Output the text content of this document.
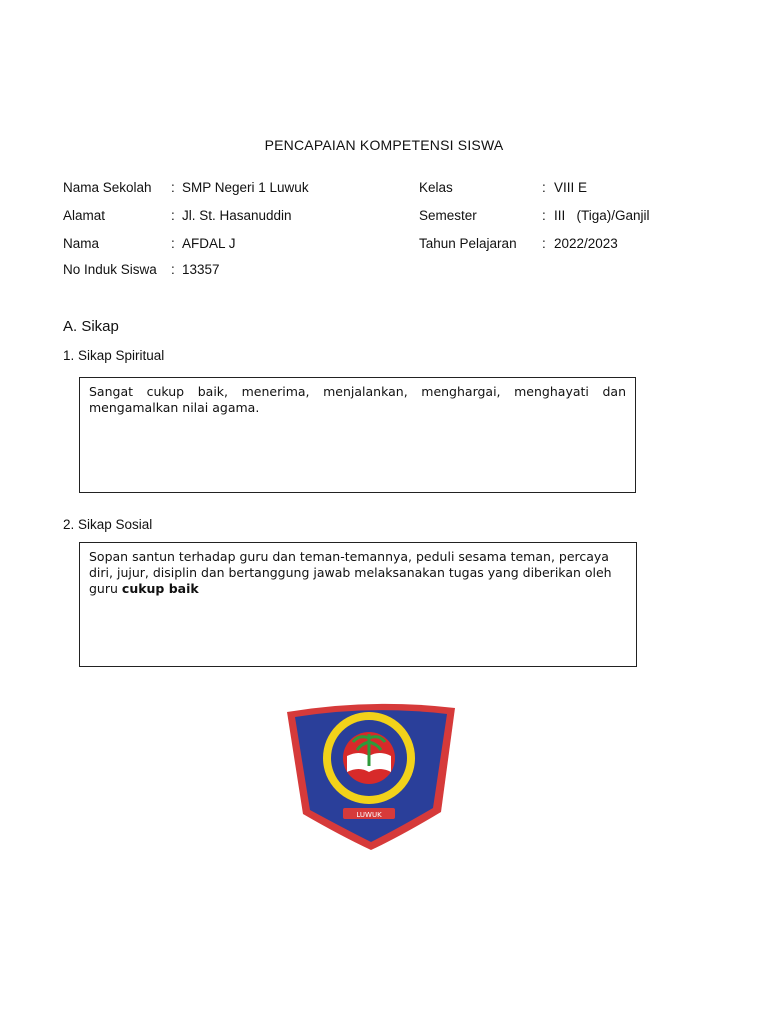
PENCAPAIAN KOMPETENSI SISWA
Nama Sekolah : SMP Negeri 1 Luwuk
Alamat	: Jl. St. Hasanuddin
Nama	: AFDAL J
No Induk Siswa : 13357
Kelas	: VIII E
Semester	: III   (Tiga)/Ganjil
Tahun Pelajaran : 2022/2023
A. Sikap
1. Sikap Spiritual
Sangat cukup baik, menerima, menjalankan, menghargai, menghayati dan mengamalkan nilai agama.
2. Sikap Sosial
Sopan santun terhadap guru dan teman-temannya, peduli sesama teman, percaya diri, jujur, disiplin dan bertanggung jawab melaksanakan tugas yang diberikan oleh guru cukup baik
LUWUK
